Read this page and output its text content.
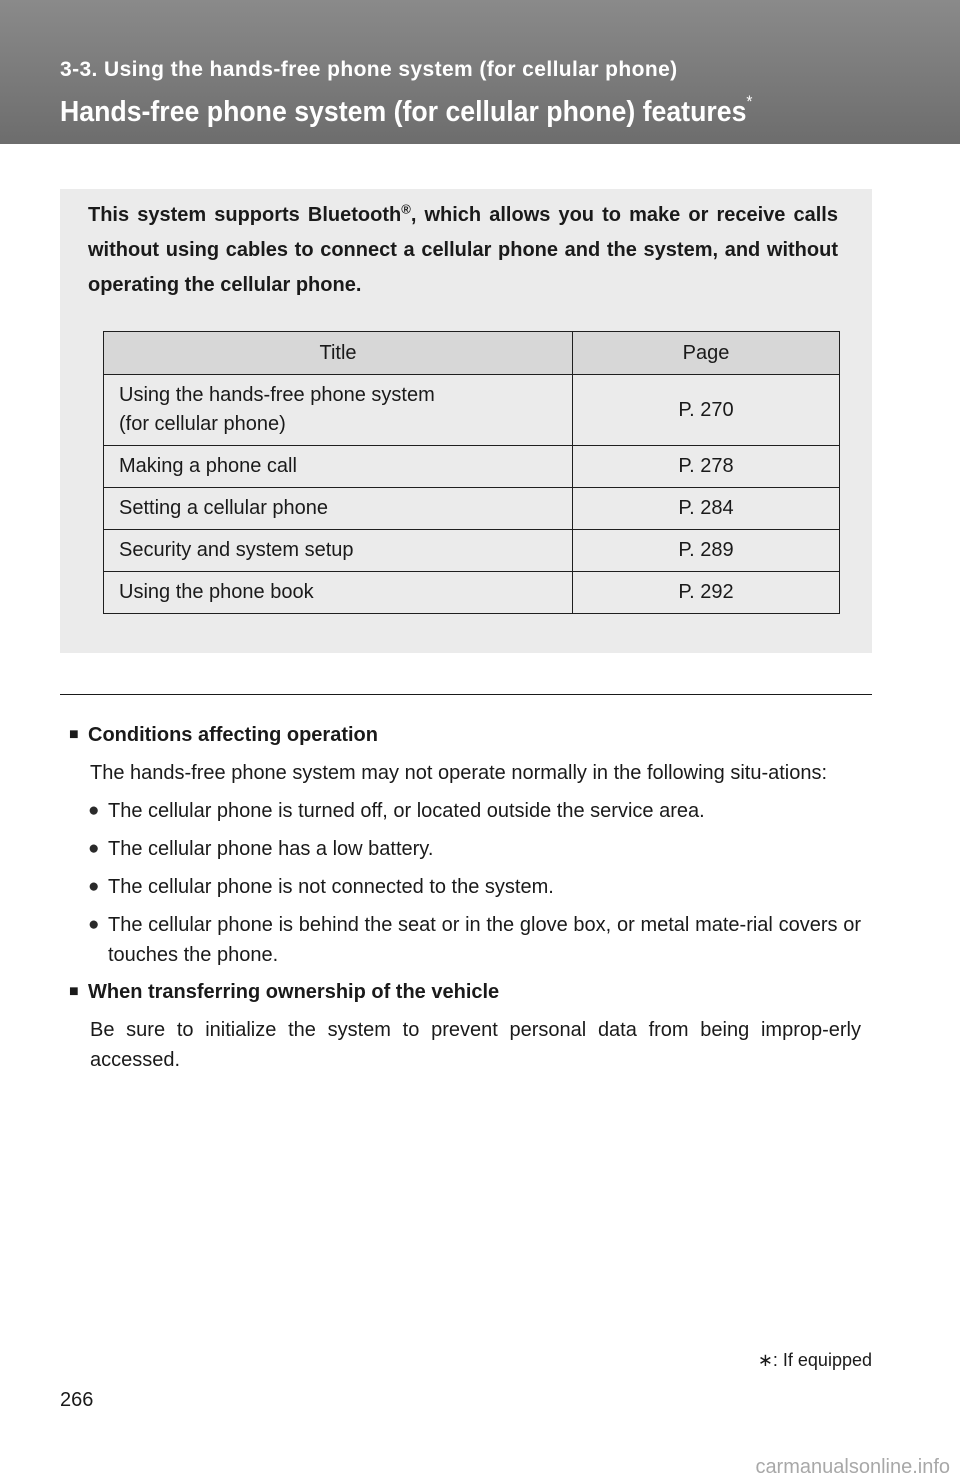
3-3. Using the hands-free phone system (for cellular phone)
Hands-free phone system (for cellular phone) features*
This system supports Bluetooth®, which allows you to make or receive calls without using cables to connect a cellular phone and the system, and without operating the cellular phone.
Title	Page
Using the hands-free phone system
(for cellular phone)	P. 270
Making a phone call	P. 278
Setting a cellular phone	P. 284
Security and system setup	P. 289
Using the phone book	P. 292

■ Conditions affecting operation

The hands-free phone system may not operate normally in the following situ-ations:

● The cellular phone is turned off, or located outside the service area.
● The cellular phone has a low battery.
● The cellular phone is not connected to the system.
● The cellular phone is behind the seat or in the glove box, or metal mate-rial covers or touches the phone.

■ When transferring ownership of the vehicle

Be sure to initialize the system to prevent personal data from being improp-erly accessed.

∗: If equipped
266
carmanualsonline.info
